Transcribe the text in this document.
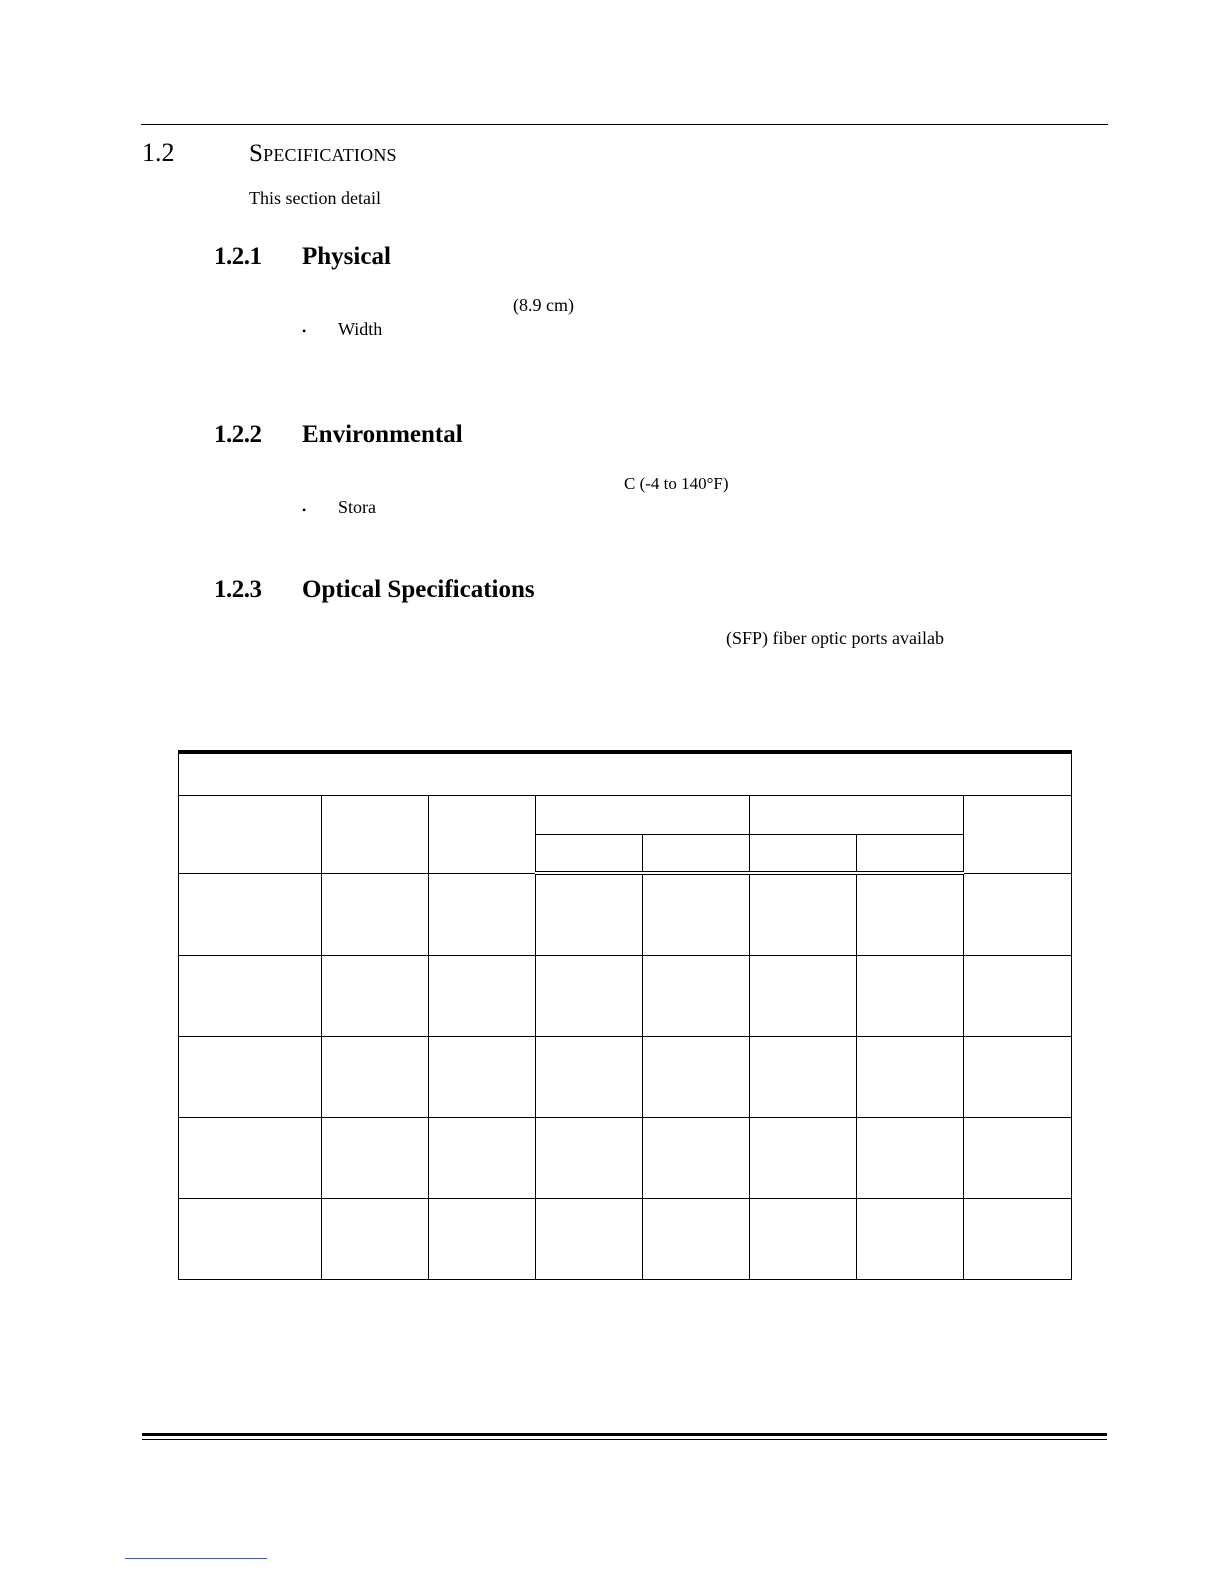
1.2	Specifications
This section detail
1.2.1 Physical
(8.9 cm)
• Width
1.2.2 Environmental
C (-4 to 140°F)
• Stora
1.2.3 Optical Specifications
(SFP) fiber optic ports availab
